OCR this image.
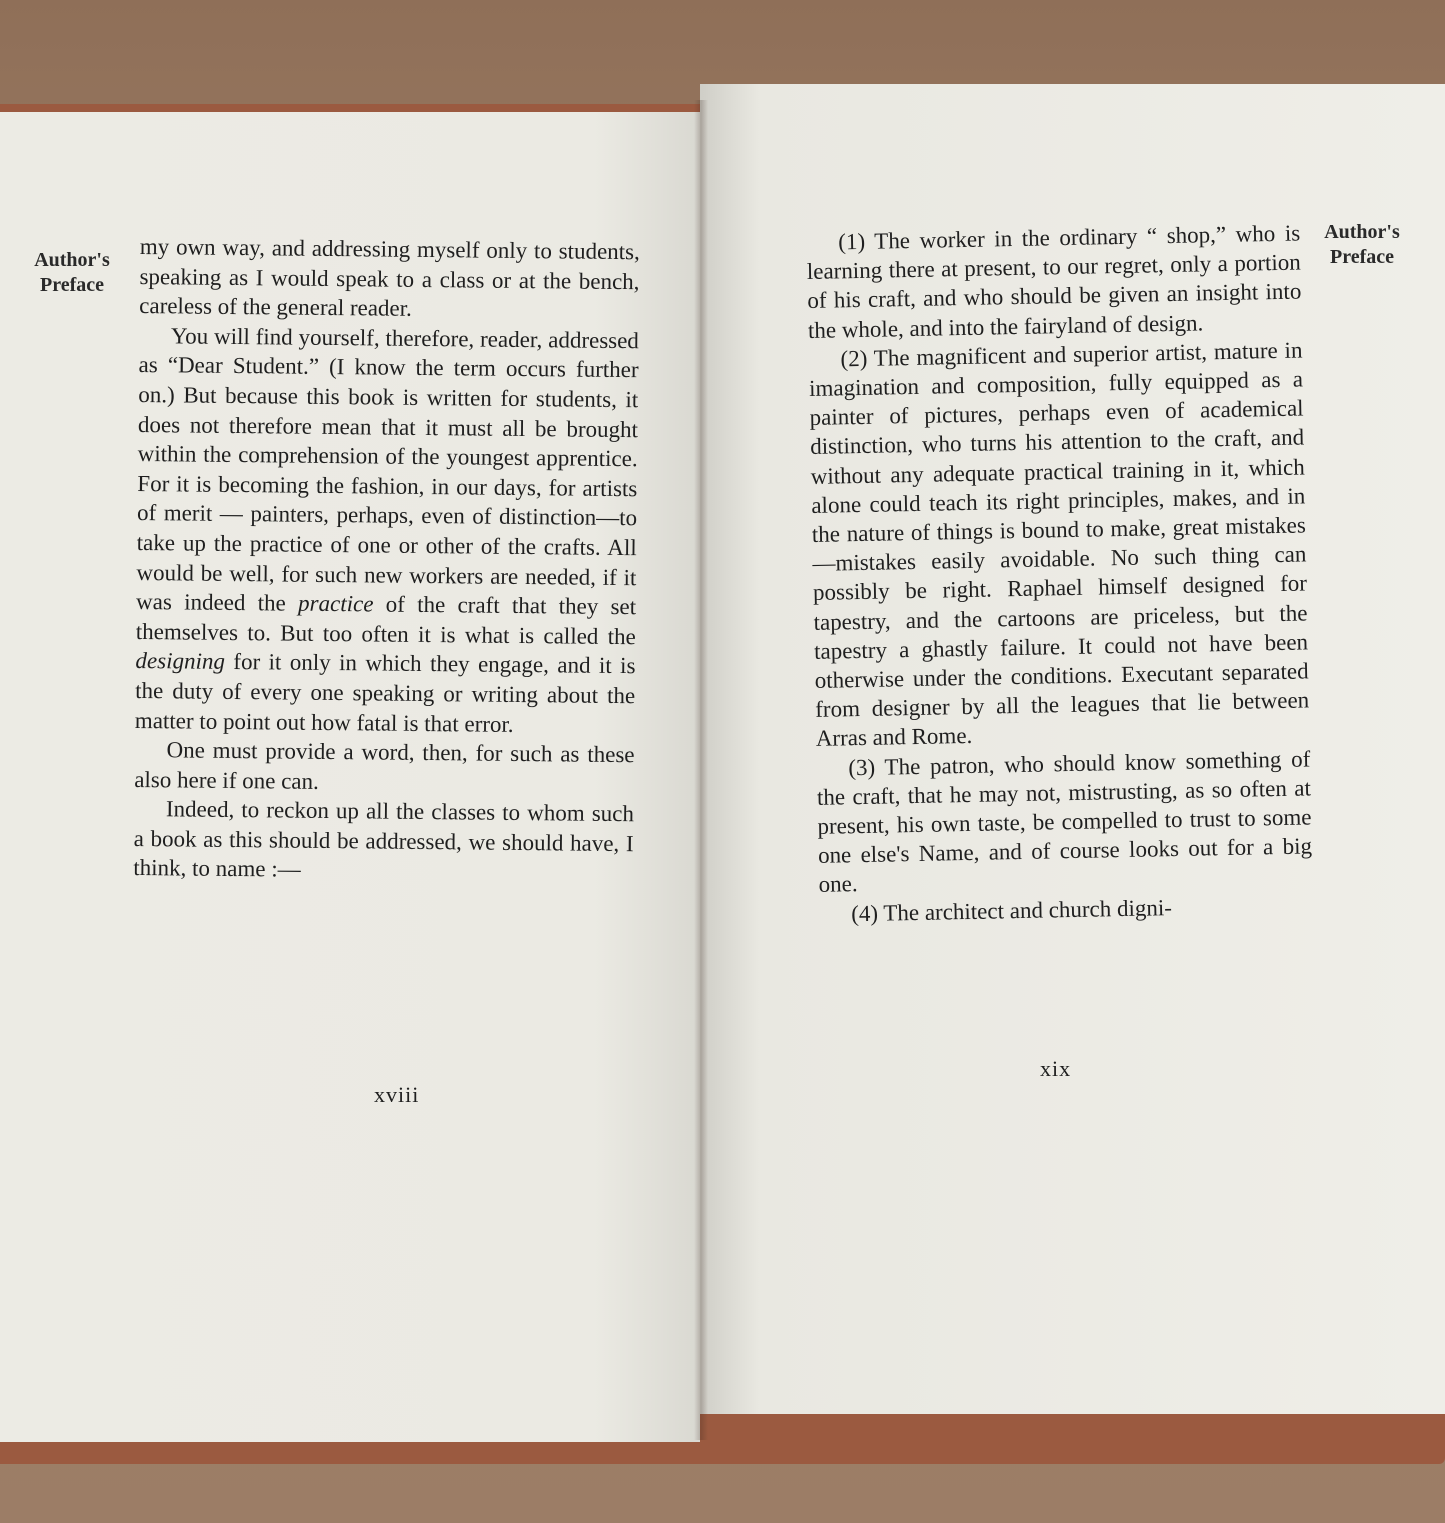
Author's
Preface

my own way, and addressing myself only to students, speaking as I would speak to a class or at the bench, careless of the general reader.

You will find yourself, therefore, reader, addressed as “Dear Student.” (I know the term occurs further on.) But because this book is written for students, it does not therefore mean that it must all be brought within the comprehension of the youngest apprentice. For it is becoming the fashion, in our days, for artists of merit — painters, perhaps, even of distinction—to take up the practice of one or other of the crafts. All would be well, for such new workers are needed, if it was indeed the practice of the craft that they set themselves to. But too often it is what is called the designing for it only in which they engage, and it is the duty of every one speaking or writing about the matter to point out how fatal is that error.

One must provide a word, then, for such as these also here if one can.

Indeed, to reckon up all the classes to whom such a book as this should be addressed, we should have, I think, to name :—

xviii
Author's
Preface

(1) The worker in the ordinary “ shop,” who is learning there at present, to our regret, only a portion of his craft, and who should be given an insight into the whole, and into the fairyland of design.

(2) The magnificent and superior artist, mature in imagination and composition, fully equipped as a painter of pictures, perhaps even of academical distinction, who turns his attention to the craft, and without any adequate practical training in it, which alone could teach its right principles, makes, and in the nature of things is bound to make, great mistakes—mistakes easily avoidable. No such thing can possibly be right. Raphael himself designed for tapestry, and the cartoons are priceless, but the tapestry a ghastly failure. It could not have been otherwise under the conditions. Executant separated from designer by all the leagues that lie between Arras and Rome.

(3) The patron, who should know something of the craft, that he may not, mistrusting, as so often at present, his own taste, be compelled to trust to some one else's Name, and of course looks out for a big one.

(4) The architect and church digni-

xix
